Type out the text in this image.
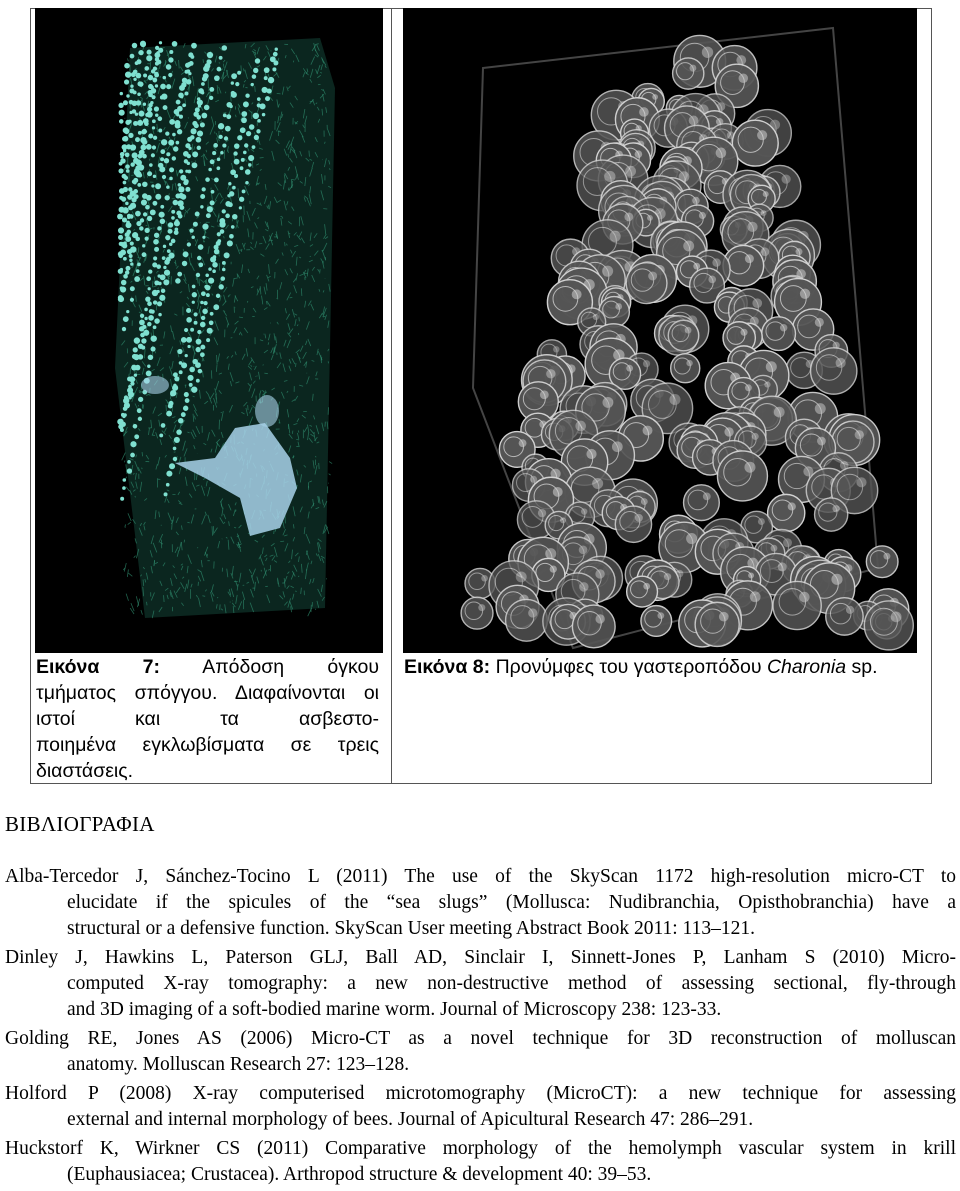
Εικόνα 7: Απόδοση όγκου
τμήματος σπόγγου. Διαφαίνονται οι
ιστοί και τα ασβεστο-
ποιημένα εγκλωβίσματα σε τρεις
διαστάσεις.
Εικόνα 8: Προνύμφες του γαστεροπόδου Charonia sp.
ΒΙΒΛΙΟΓΡΑΦΙΑ
Alba-Tercedor J, Sánchez-Tocino L (2011) The use of the SkyScan 1172 high-resolution micro-CT to
elucidate if the spicules of the “sea slugs” (Mollusca: Nudibranchia, Opisthobranchia) have a
structural or a defensive function. SkyScan User meeting Abstract Book 2011: 113–121.
Dinley J, Hawkins L, Paterson GLJ, Ball AD, Sinclair I, Sinnett-Jones P, Lanham S (2010) Micro-
computed X-ray tomography: a new non-destructive method of assessing sectional, fly-through
and 3D imaging of a soft-bodied marine worm. Journal of Microscopy 238: 123-33.
Golding RE, Jones AS (2006) Micro-CT as a novel technique for 3D reconstruction of molluscan
anatomy. Molluscan Research 27: 123–128.
Holford P (2008) X-ray computerised microtomography (MicroCT): a new technique for assessing
external and internal morphology of bees. Journal of Apicultural Research 47: 286–291.
Huckstorf K, Wirkner CS (2011) Comparative morphology of the hemolymph vascular system in krill
(Euphausiacea; Crustacea). Arthropod structure & development 40: 39–53.
